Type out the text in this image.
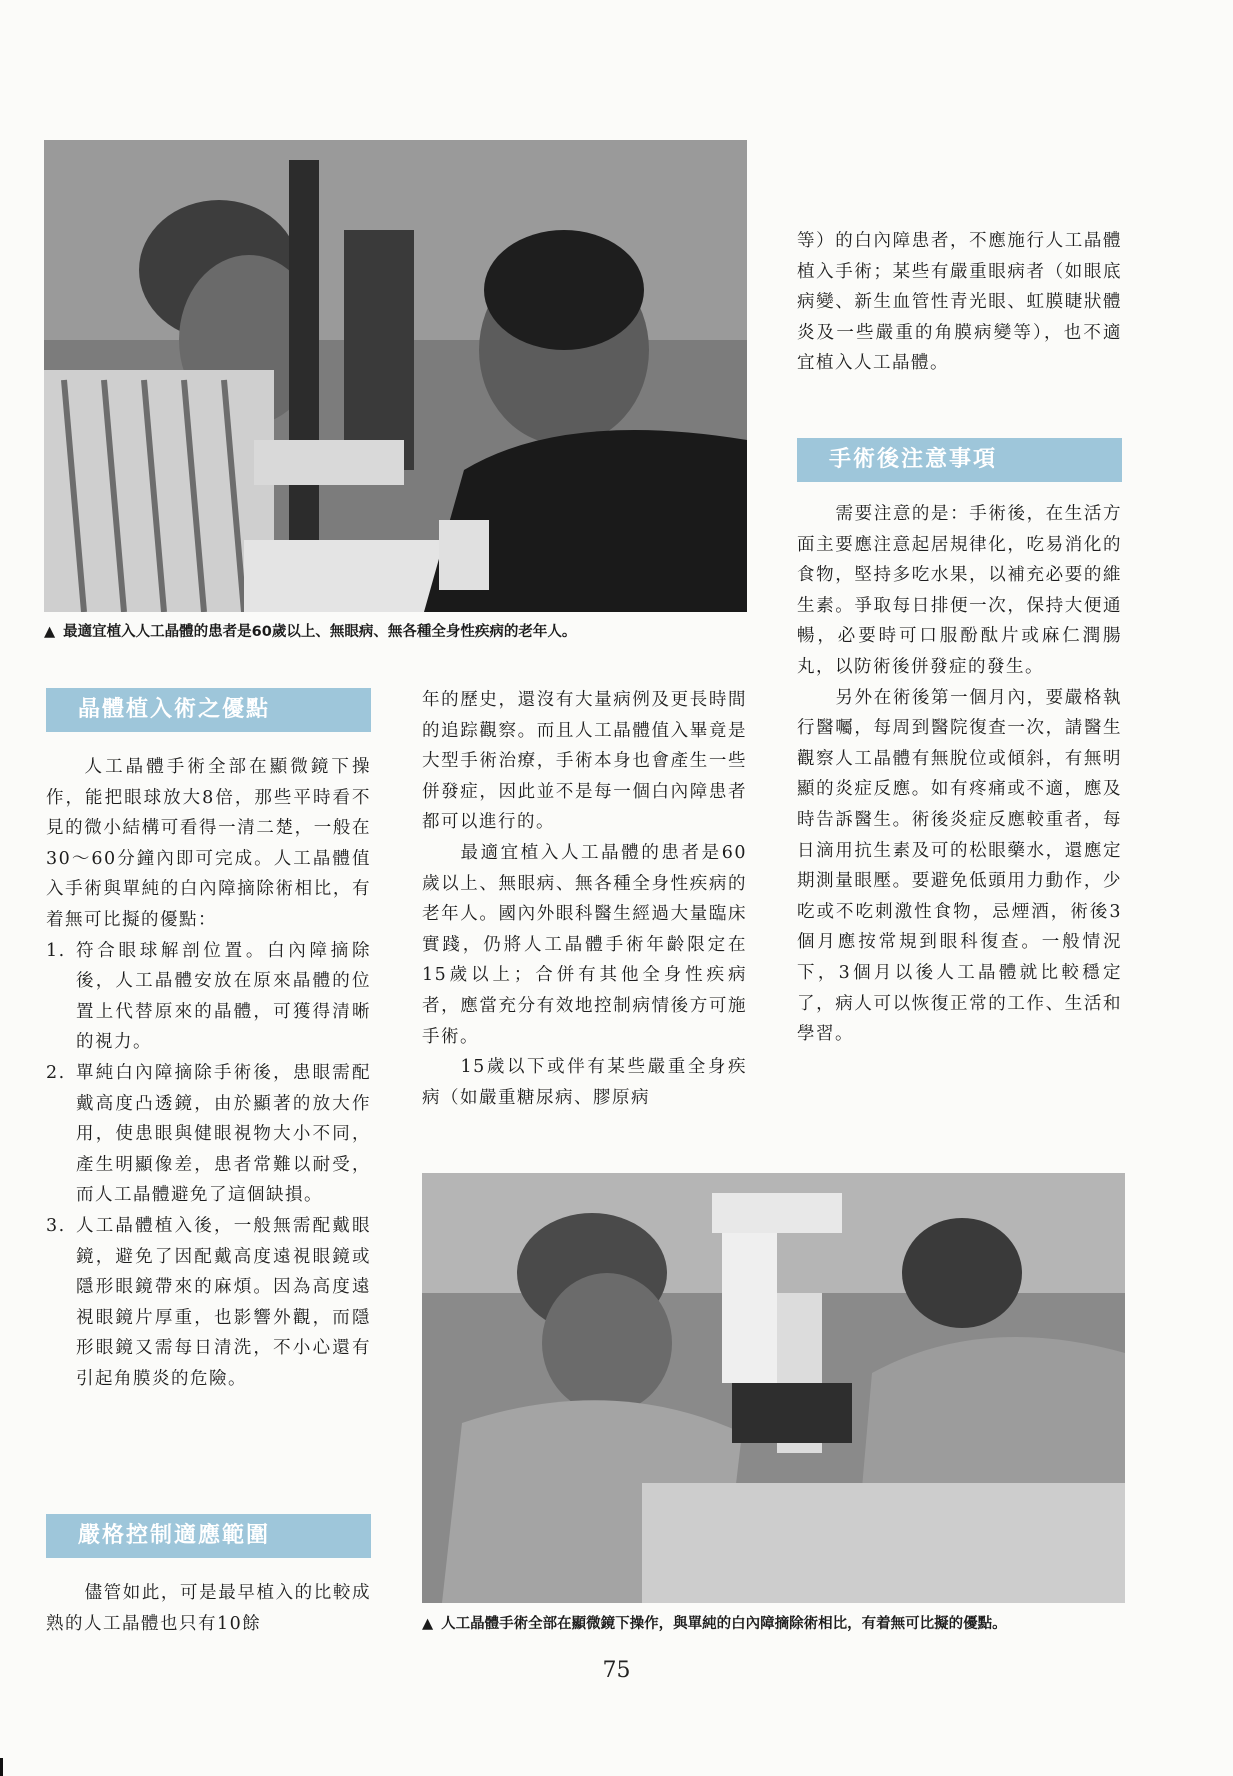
▲ 最適宜植入人工晶體的患者是60歲以上、無眼病、無各種全身性疾病的老年人。

等）的白內障患者，不應施行人工晶體植入手術；某些有嚴重眼病者（如眼底病變、新生血管性青光眼、虹膜睫狀體炎及一些嚴重的角膜病變等），也不適宜植入人工晶體。

手術後注意事項

需要注意的是：手術後，在生活方面主要應注意起居規律化，吃易消化的食物，堅持多吃水果，以補充必要的維生素。爭取每日排便一次，保持大便通暢，必要時可口服酚酞片或麻仁潤腸丸，以防術後併發症的發生。

另外在術後第一個月內，要嚴格執行醫囑，每周到醫院復查一次，請醫生觀察人工晶體有無脫位或傾斜，有無明顯的炎症反應。如有疼痛或不適，應及時告訴醫生。術後炎症反應較重者，每日滴用抗生素及可的松眼藥水，還應定期測量眼壓。要避免低頭用力動作，少吃或不吃刺激性食物，忌煙酒，術後3個月應按常規到眼科復查。一般情況下，3個月以後人工晶體就比較穩定了，病人可以恢復正常的工作、生活和學習。

晶體植入術之優點

人工晶體手術全部在顯微鏡下操作，能把眼球放大8倍，那些平時看不見的微小結構可看得一清二楚，一般在30～60分鐘內即可完成。人工晶體值入手術與單純的白內障摘除術相比，有着無可比擬的優點：

1. 符合眼球解剖位置。白內障摘除後，人工晶體安放在原來晶體的位置上代替原來的晶體，可獲得清晰的視力。
2. 單純白內障摘除手術後，患眼需配戴高度凸透鏡，由於顯著的放大作用，使患眼與健眼視物大小不同，產生明顯像差，患者常難以耐受，而人工晶體避免了這個缺損。
3. 人工晶體植入後，一般無需配戴眼鏡，避免了因配戴高度遠視眼鏡或隱形眼鏡帶來的麻煩。因為高度遠視眼鏡片厚重，也影響外觀，而隱形眼鏡又需每日清洗，不小心還有引起角膜炎的危險。
嚴格控制適應範圍

儘管如此，可是最早植入的比較成熟的人工晶體也只有10餘

年的歷史，還沒有大量病例及更長時間的追踪觀察。而且人工晶體值入畢竟是大型手術治療，手術本身也會產生一些併發症，因此並不是每一個白內障患者都可以進行的。

最適宜植入人工晶體的患者是60歲以上、無眼病、無各種全身性疾病的老年人。國內外眼科醫生經過大量臨床實踐，仍將人工晶體手術年齡限定在15歲以上；合併有其他全身性疾病者，應當充分有效地控制病情後方可施手術。

15歲以下或伴有某些嚴重全身疾病（如嚴重糖尿病、膠原病

▲ 人工晶體手術全部在顯微鏡下操作，與單純的白內障摘除術相比，有着無可比擬的優點。
75
